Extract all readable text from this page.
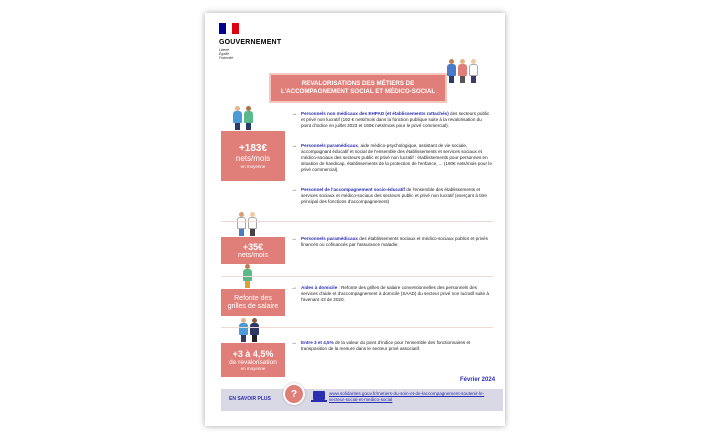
GOUVERNEMENT
Liberté
Égalité
Fraternité
REVALORISATIONS DES MÉTIERS DE
L'ACCOMPAGNEMENT SOCIAL ET MÉDICO-SOCIAL
+183€
nets/mois
en moyenne
+35€
nets/mois
Refonte des
grilles de salaire
+3 à 4,5%
de revalorisation
en moyenne
→ Personnels non médicaux des EHPAD (et établissements rattachés) des secteurs public et privé non lucratif (192 € nets/mois dans la fonction publique suite à la revalorisation du point d'indice en juillet 2023 et 160€ nets/mois pour le privé commercial).

→ Personnels paramédicaux, aide médico-psychologique, assistant de vie sociale, accompagnant éducatif et social de l'ensemble des établissements et services sociaux et médico-sociaux des secteurs public et privé non lucratif : établissements pour personnes en situation de handicap, établissements de la protection de l'enfance, ... (160€ nets/mois pour le privé commercial).

→ Personnel de l'accompagnement socio-éducatif de l'ensemble des établissements et services sociaux et médico-sociaux des secteurs public et privé non lucratif (exerçant à titre principal des fonctions d'accompagnement)

→ Personnels paramédicaux des établissements sociaux et médico-sociaux publics et privés financés ou cofinancés par l'assurance maladie.

→ Aides à domicile : Refonte des grilles de salaire conventionnelles des personnels des services d'aide et d'accompagnement à domicile (SAAD) du secteur privé non lucratif suite à l'avenant 43 de 2020.

→ Entre 3 et 4,5% de la valeur du point d'indice pour l'ensemble des fonctionnaires et transposition de la mesure dans le secteur privé associatif.

Février 2024
EN SAVOIR PLUS	?	www.solidarites.gouv.fr/metiers-du-soin-et-de-laccompagnement-soutenir-le-secteur-social-et-medico-social
